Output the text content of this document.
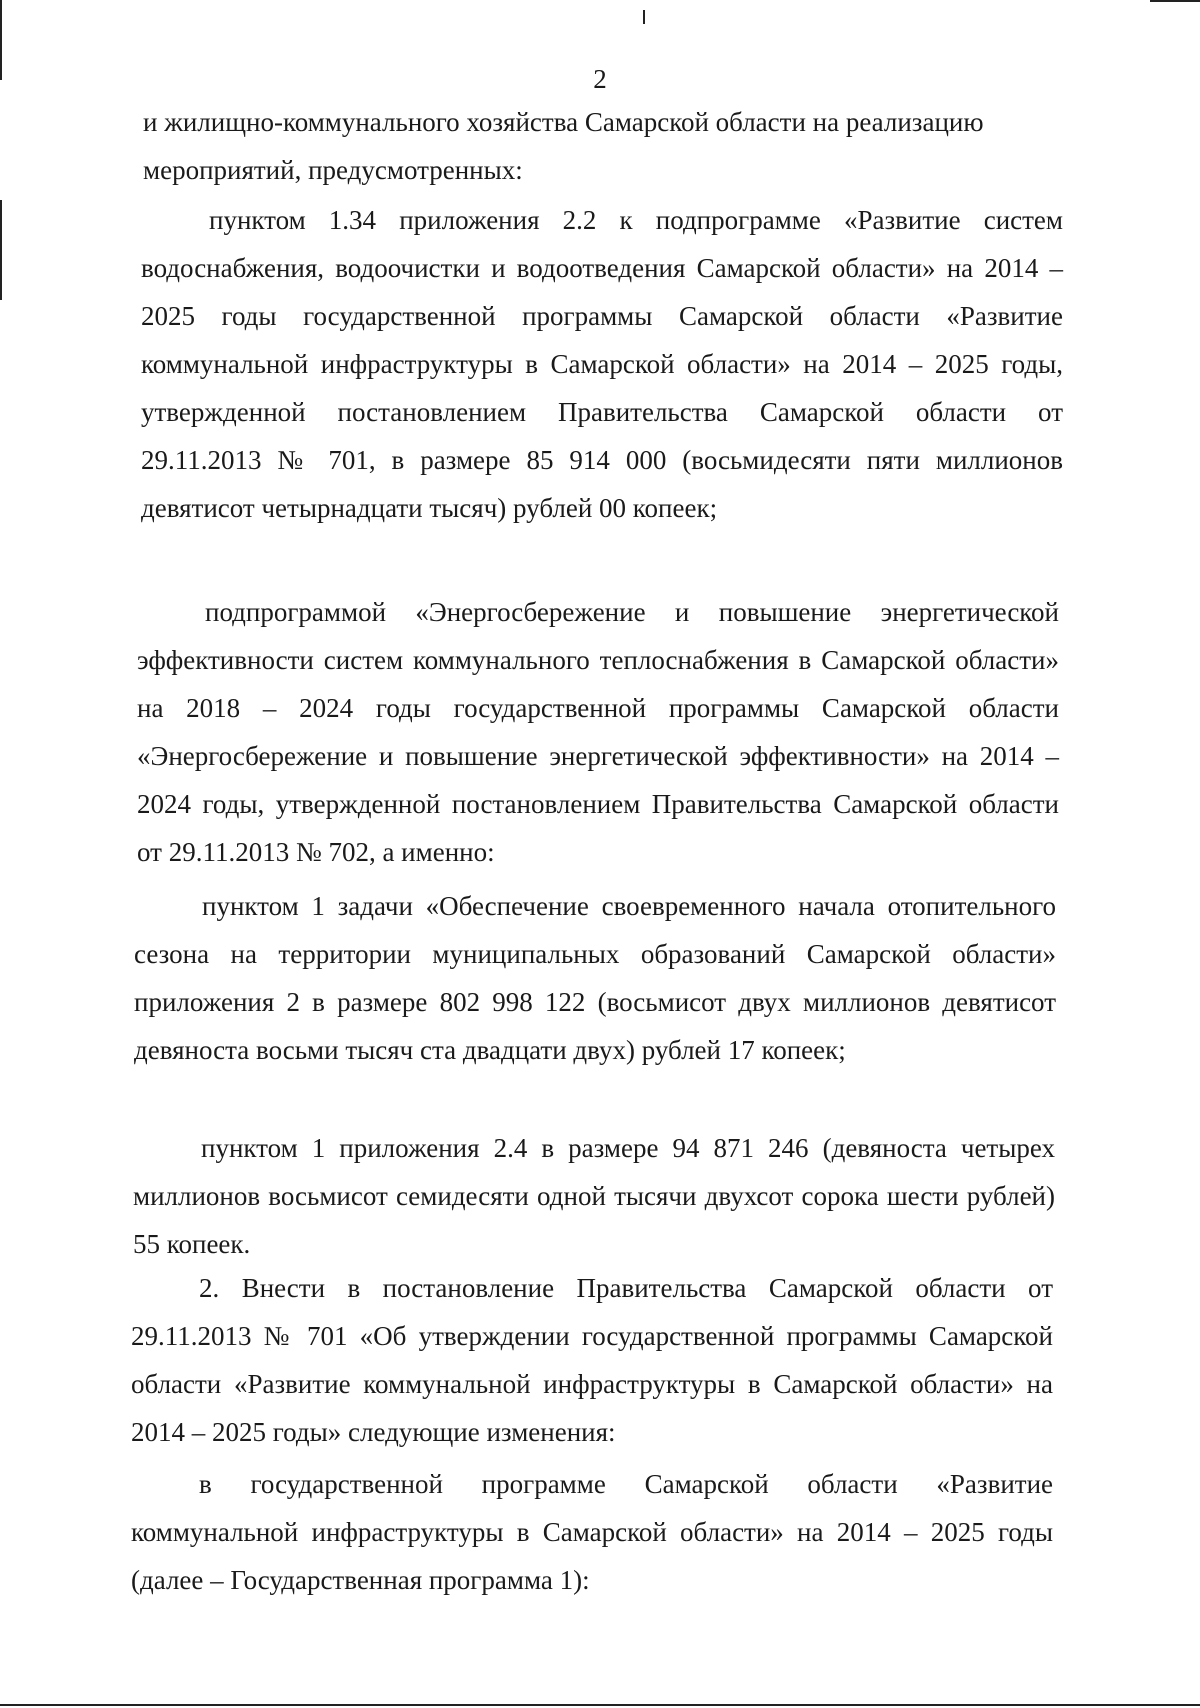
2

и жилищно-коммунального хозяйства Самарской области на реализацию

мероприятий, предусмотренных:

пунктом 1.34 приложения 2.2 к подпрограмме «Развитие систем водоснабжения, водоочистки и водоотведения Самарской области» на 2014 – 2025 годы государственной программы Самарской области «Развитие коммунальной инфраструктуры в Самарской области» на 2014 – 2025 годы, утвержденной постановлением Правительства Самарской области от 29.11.2013 № 701, в размере 85 914 000 (восьмидесяти пяти миллионов девятисот четырнадцати тысяч) рублей 00 копеек;

подпрограммой «Энергосбережение и повышение энергетической эффективности систем коммунального теплоснабжения в Самарской области» на 2018 – 2024 годы государственной программы Самарской области «Энергосбережение и повышение энергетической эффективности» на 2014 – 2024 годы, утвержденной постановлением Правительства Самарской области от 29.11.2013 № 702, а именно:

пунктом 1 задачи «Обеспечение своевременного начала отопительного сезона на территории муниципальных образований Самарской области» приложения 2 в размере 802 998 122 (восьмисот двух миллионов девятисот девяноста восьми тысяч ста двадцати двух) рублей 17 копеек;

пунктом 1 приложения 2.4 в размере 94 871 246 (девяноста четырех миллионов восьмисот семидесяти одной тысячи двухсот сорока шести рублей) 55 копеек.

2. Внести в постановление Правительства Самарской области от 29.11.2013 № 701 «Об утверждении государственной программы Самарской области «Развитие коммунальной инфраструктуры в Самарской области» на 2014 – 2025 годы» следующие изменения:

в государственной программе Самарской области «Развитие коммунальной инфраструктуры в Самарской области» на 2014 – 2025 годы (далее – Государственная программа 1):
